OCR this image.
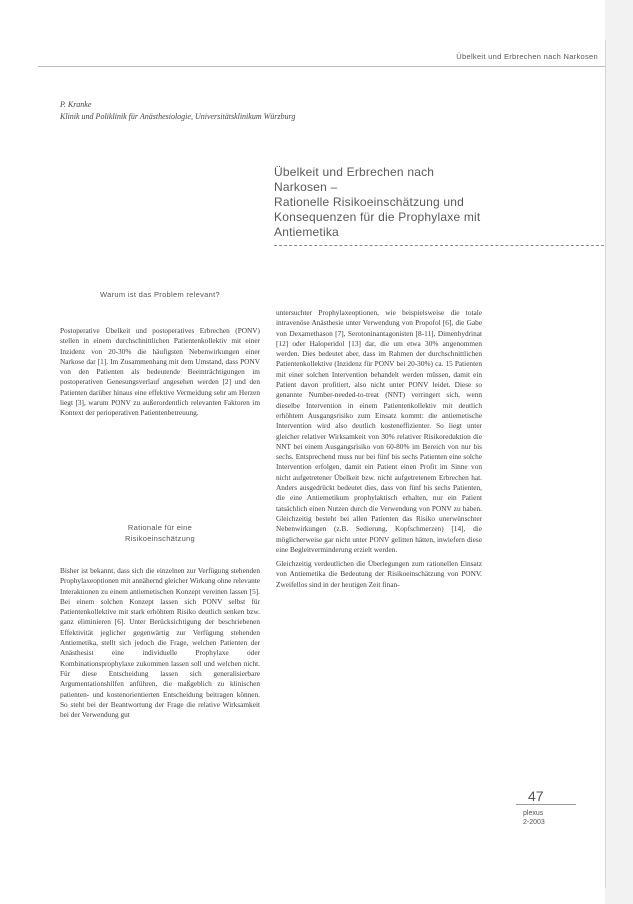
Übelkeit und Erbrechen nach Narkosen
P. Kranke
Klinik und Poliklinik für Anästhesiologie, Universitätsklinikum Würzburg
Übelkeit und Erbrechen nach
Narkosen –
Rationelle Risikoeinschätzung und
Konsequenzen für die Prophylaxe mit
Antiemetika
Warum ist das Problem relevant?

Postoperative Übelkeit und postoperatives Erbrechen (PONV) stellen in einem durchschnittlichen Patientenkollektiv mit einer Inzidenz von 20-30% die häufigsten Nebenwirkungen einer Narkose dar [1]. Im Zusammenhang mit dem Umstand, dass PONV von den Patienten als bedeutende Beeinträchtigungen im postoperativen Genesungsverlauf angesehen werden [2] und den Patienten darüber hinaus eine effektive Vermeidung sehr am Herzen liegt [3], warum PONV zu außerordentlich relevanten Faktoren im Kontext der perioperativen Patientenbetreuung.

Rationale für eine
Risikoeinschätzung

Bisher ist bekannt, dass sich die einzelnen zur Verfügung stehenden Prophylaxeoptionen mit annähernd gleicher Wirkung ohne relevante Interaktionen zu einem antiemetischen Konzept vereinen lassen [5]. Bei einem solchen Konzept lassen sich PONV selbst für Patientenkollektive mit stark erhöhtem Risiko deutlich senken bzw. ganz eliminieren [6]. Unter Berücksichtigung der beschriebenen Effektivität jeglicher gegenwärtig zur Verfügung stehenden Antiemetika, stellt sich jedoch die Frage, welchen Patienten der Anästhesist eine individuelle Prophylaxe oder Kombinationsprophylaxe zukommen lassen soll und welchen nicht. Für diese Entscheidung lassen sich generalisierbare Argumentationshilfen anführen, die maßgeblich zu klinischen patienten- und kostenorientierten Entscheidung beitragen können. So steht bei der Beantwortung der Frage die relative Wirksamkeit bei der Verwendung gut

untersuchter Prophylaxeoptionen, wie beispielsweise die totale intravenöse Anästhesie unter Verwendung von Propofol [6], die Gabe von Dexamethason [7], Serotoninantagonisten [8-11], Dimenhydrinat [12] oder Haloperidol [13] dar, die um etwa 30% angenommen werden. Dies bedeutet aber, dass im Rahmen der durchschnittlichen Patientenkollektive (Inzidenz für PONV bei 20-30%) ca. 15 Patienten mit einer solchen Intervention behandelt werden müssen, damit ein Patient davon profitiert, also nicht unter PONV leidet. Diese so genannte Number-needed-to-treat (NNT) verringert sich, wenn dieselbe Intervention in einem Patientenkollektiv mit deutlich erhöhtem Ausgangsrisiko zum Einsatz kommt: die antiemetische Intervention wird also deutlich kosteneffizienter. So liegt unter gleicher relativer Wirksamkeit von 30% relativer Risikoreduktion die NNT bei einem Ausgangsrisiko von 60-80% im Bereich von nur bis sechs. Entsprechend muss nur bei fünf bis sechs Patienten eine solche Intervention erfolgen, damit ein Patient einen Profit im Sinne von nicht aufgetretener Übelkeit bzw. nicht aufgetretenem Erbrechen hat. Anders ausgedrückt bedeutet dies, dass von fünf bis sechs Patienten, die eine Antiemetikum prophylaktisch erhalten, nur ein Patient tatsächlich einen Nutzen durch die Verwendung von PONV zu haben. Gleichzeitig besteht bei allen Patienten das Risiko unerwünschter Nebenwirkungen (z.B. Sedierung, Kopfschmerzen) [14], die möglicherweise gar nicht unter PONV gelitten hätten, inwiefern diese eine Begleitverminderung erzielt werden.

Gleichzeitig verdeutlichen die Überlegungen zum rationellen Einsatz von Antiemetika die Bedeutung der Risikoeinschätzung von PONV. Zweifellos sind in der heutigen Zeit finan-

47
plexus
2-2003
